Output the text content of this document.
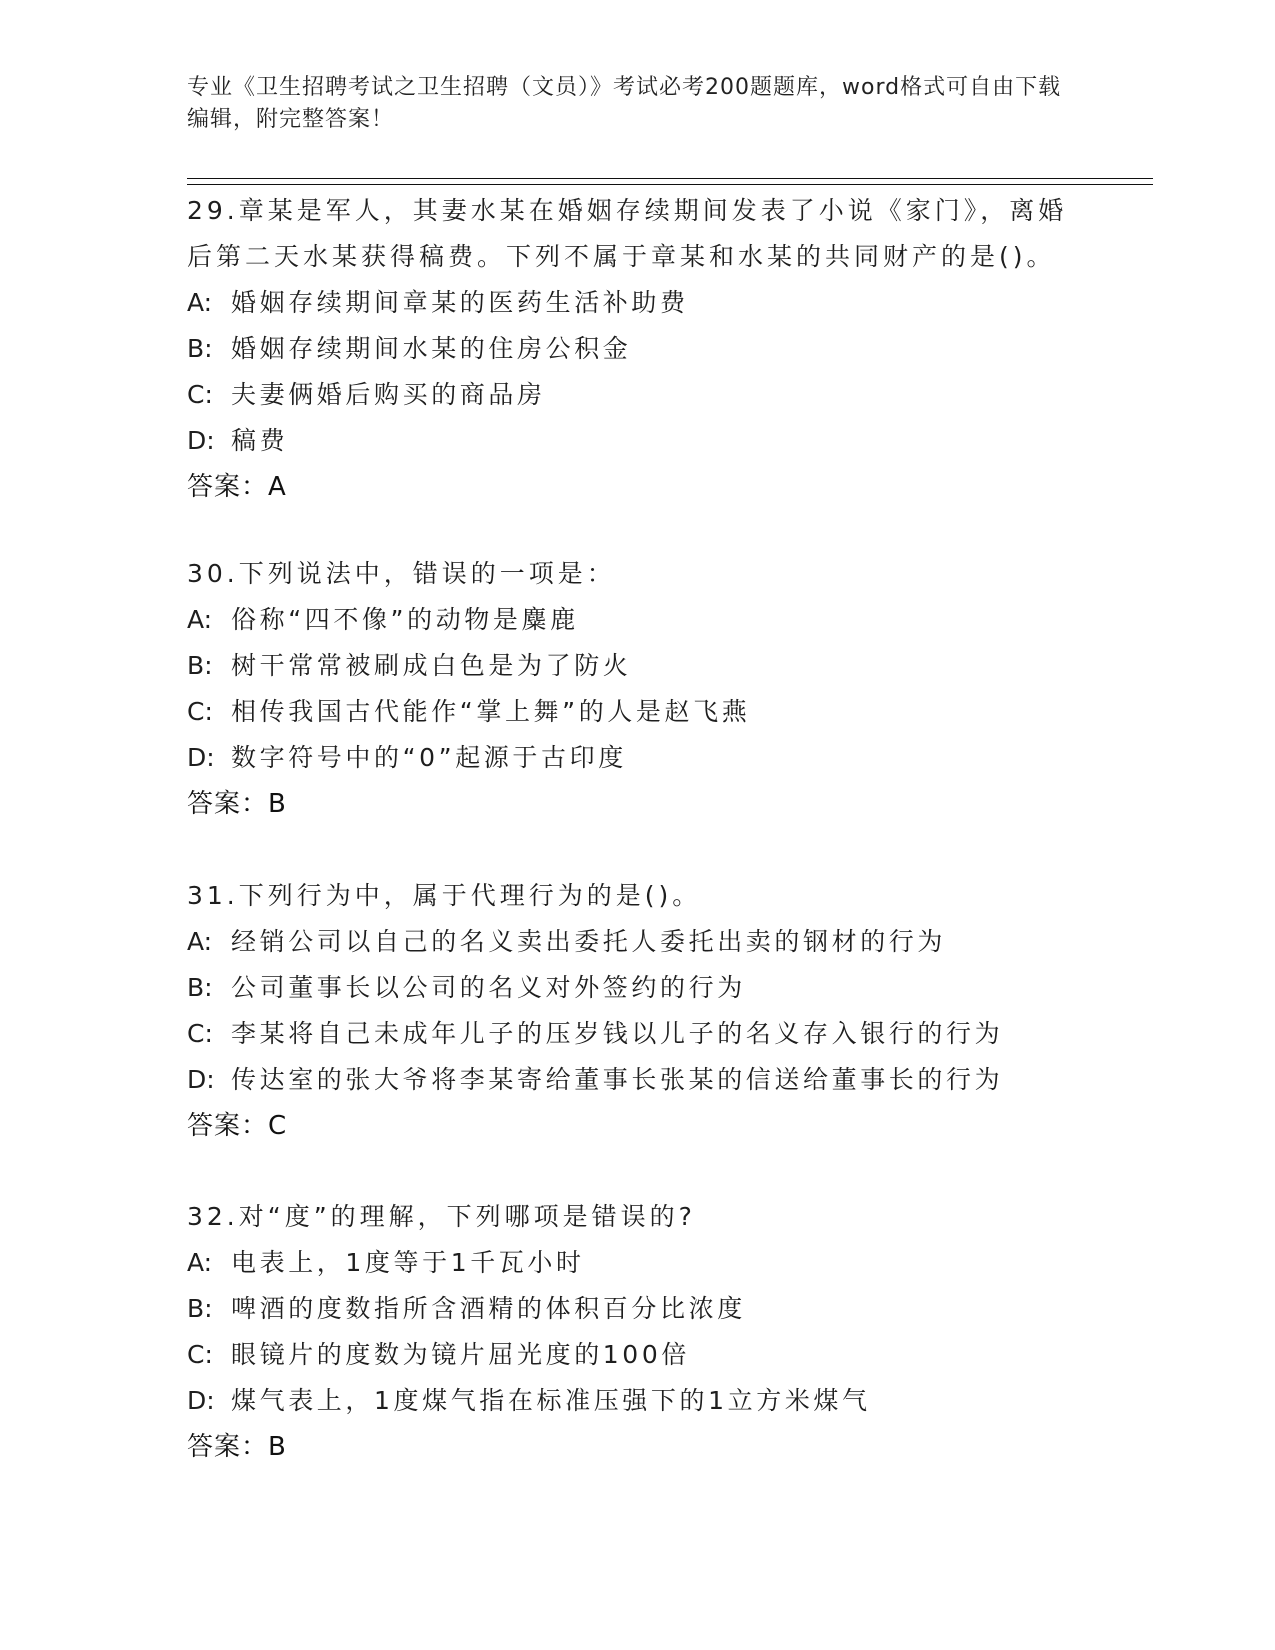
专业《卫生招聘考试之卫生招聘（文员）》考试必考200题题库，word格式可自由下载编辑，附完整答案！
29.章某是军人，其妻水某在婚姻存续期间发表了小说《家门》，离婚后第二天水某获得稿费。下列不属于章某和水某的共同财产的是()。
A: 婚姻存续期间章某的医药生活补助费
B: 婚姻存续期间水某的住房公积金
C: 夫妻俩婚后购买的商品房
D: 稿费
答案：A
30.下列说法中，错误的一项是：
A: 俗称“四不像”的动物是麋鹿
B: 树干常常被刷成白色是为了防火
C: 相传我国古代能作“掌上舞”的人是赵飞燕
D: 数字符号中的“0”起源于古印度
答案：B
31.下列行为中，属于代理行为的是()。
A: 经销公司以自己的名义卖出委托人委托出卖的钢材的行为
B: 公司董事长以公司的名义对外签约的行为
C: 李某将自己未成年儿子的压岁钱以儿子的名义存入银行的行为
D: 传达室的张大爷将李某寄给董事长张某的信送给董事长的行为
答案：C
32.对“度”的理解，下列哪项是错误的?
A: 电表上，1度等于1千瓦小时
B: 啤酒的度数指所含酒精的体积百分比浓度
C: 眼镜片的度数为镜片屈光度的100倍
D: 煤气表上，1度煤气指在标准压强下的1立方米煤气
答案：B
